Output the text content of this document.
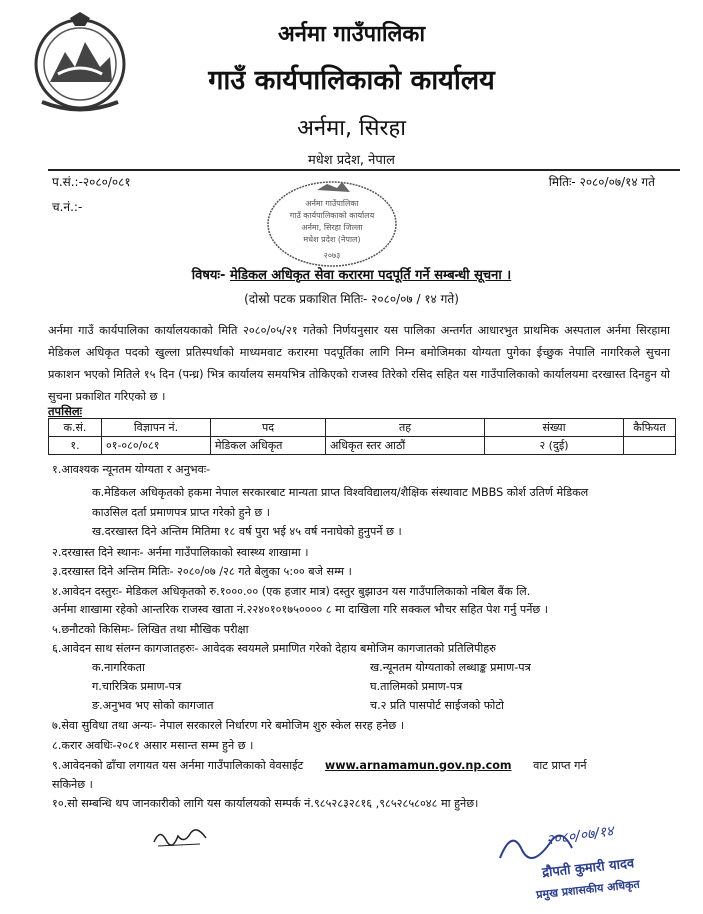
अर्नमा गाउँपालिका
गाउँ कार्यपालिकाको कार्यालय
अर्नमा, सिरहा
मधेश प्रदेश, नेपाल
प.सं.:-२०८०/०८१
च.नं.:-
मितिः- २०८०/०७/१४ गते
अर्नमा गाउँपालिका
गाउँ कार्यपालिकाको कार्यालय
अर्नमा, सिरहा जिल्ला
मधेश प्रदेश (नेपाल)
२०७३
विषयः- मेडिकल अधिकृत सेवा करारमा पदपूर्ति गर्ने सम्बन्धी सूचना ।
(दोस्रो पटक प्रकाशित मितिः- २०८०/०७ / १४ गते)
अर्नमा गाउँ कार्यपालिका कार्यालयकाको मिति २०८०/०५/२१ गतेको निर्णयनुसार यस पालिका अन्तर्गत आधारभुत प्राथमिक अस्पताल अर्नमा सिरहामा मेडिकल अधिकृत पदको खुल्ला प्रतिस्पर्धाको माध्यमवाट करारमा पदपूर्तिका लागि निम्न बमोजिमका योग्यता पुगेका ईच्छुक नेपालि नागरिकले सुचना प्रकाशन भएको मितिले १५ दिन (पन्ध्र) भित्र कार्यालय समयभित्र तोकिएको राजस्व तिरेको रसिद सहित यस गाउँपालिकाको कार्यालयमा दरखास्त दिनहुन यो सुचना प्रकाशित गरिएको छ ।
तपसिलः
क.सं.	विज्ञापन नं.	पद	तह	संख्या	कैफियत
१.	०१-०८०/०८१	मेडिकल अधिकृत	अधिकृत स्तर आठौं	२ (दुई)	
१.आवश्यक न्यूनतम योग्यता र अनुभवः-
क.मेडिकल अधिकृतको हकमा नेपाल सरकारबाट मान्यता प्राप्त विश्वविद्यालय/शैक्षिक संस्थावाट MBBS कोर्श उतिर्ण मेडिकल
काउसिल दर्ता प्रमाणपत्र प्राप्त गरेको हुने छ ।
ख.दरखास्त दिने अन्तिम मितिमा १८ वर्ष पुरा भई ४५ वर्ष ननाघेको हुनुपर्ने छ ।
२.दरखास्त दिने स्थानः- अर्नमा गाउँपालिकाको स्वास्थ्य शाखामा ।
३.दरखास्त दिने अन्तिम मितिः- २०८०/०७ /२८ गते बेलुका ५:०० बजे सम्म ।
४.आवेदन दस्तुरः- मेडिकल अधिकृतको रु.१०००.०० (एक हजार मात्र) दस्तुर बुझाउन यस गाउँपालिकाको नबिल बैंक लि.
अर्नमा शाखामा रहेको आन्तरिक राजस्व खाता नं.२२४०१०१७५०००० ८ मा दाखिला गरि सक्कल भौचर सहित पेश गर्नु पर्नेछ ।
५.छनौटको किसिमः- लिखित तथा मौखिक परीक्षा
६.आवेदन साथ संलग्न कागजातहरुः- आवेदक स्वयमले प्रमाणित गरेको देहाय बमोजिम कागजातको प्रतिलिपीहरु
क.नागरिकता	ख.न्यूनतम योग्यताको लब्धाङ्क प्रमाण-पत्र
ग.चारित्रिक प्रमाण-पत्र	घ.तालिमको प्रमाण-पत्र
ङ.अनुभव भए सोको कागजात	च.२ प्रति पासपोर्ट साईजको फोटो
७.सेवा सुविधा तथा अन्यः- नेपाल सरकारले निर्धारण गरे बमोजिम शुरु स्केल सरह हनेछ ।
८.करार अवधिः-२०८१ असार मसान्त सम्म हुने छ ।
९.आवेदनको ढाँचा लगायत यस अर्नमा गाउँपालिकाको वेवसाईट www.arnamamun.gov.np.com वाट प्राप्त गर्न
सकिनेछ ।
१०.सो सम्बन्धि थप जानकारीको लागि यस कार्यालयको सम्पर्क नं.९८५२८३२८१६ ,९८५२८५८०४८ मा हुनेछ।
२०८०/०७/१४
द्रौपती कुमारी यादव
प्रमुख प्रशासकीय अधिकृत
